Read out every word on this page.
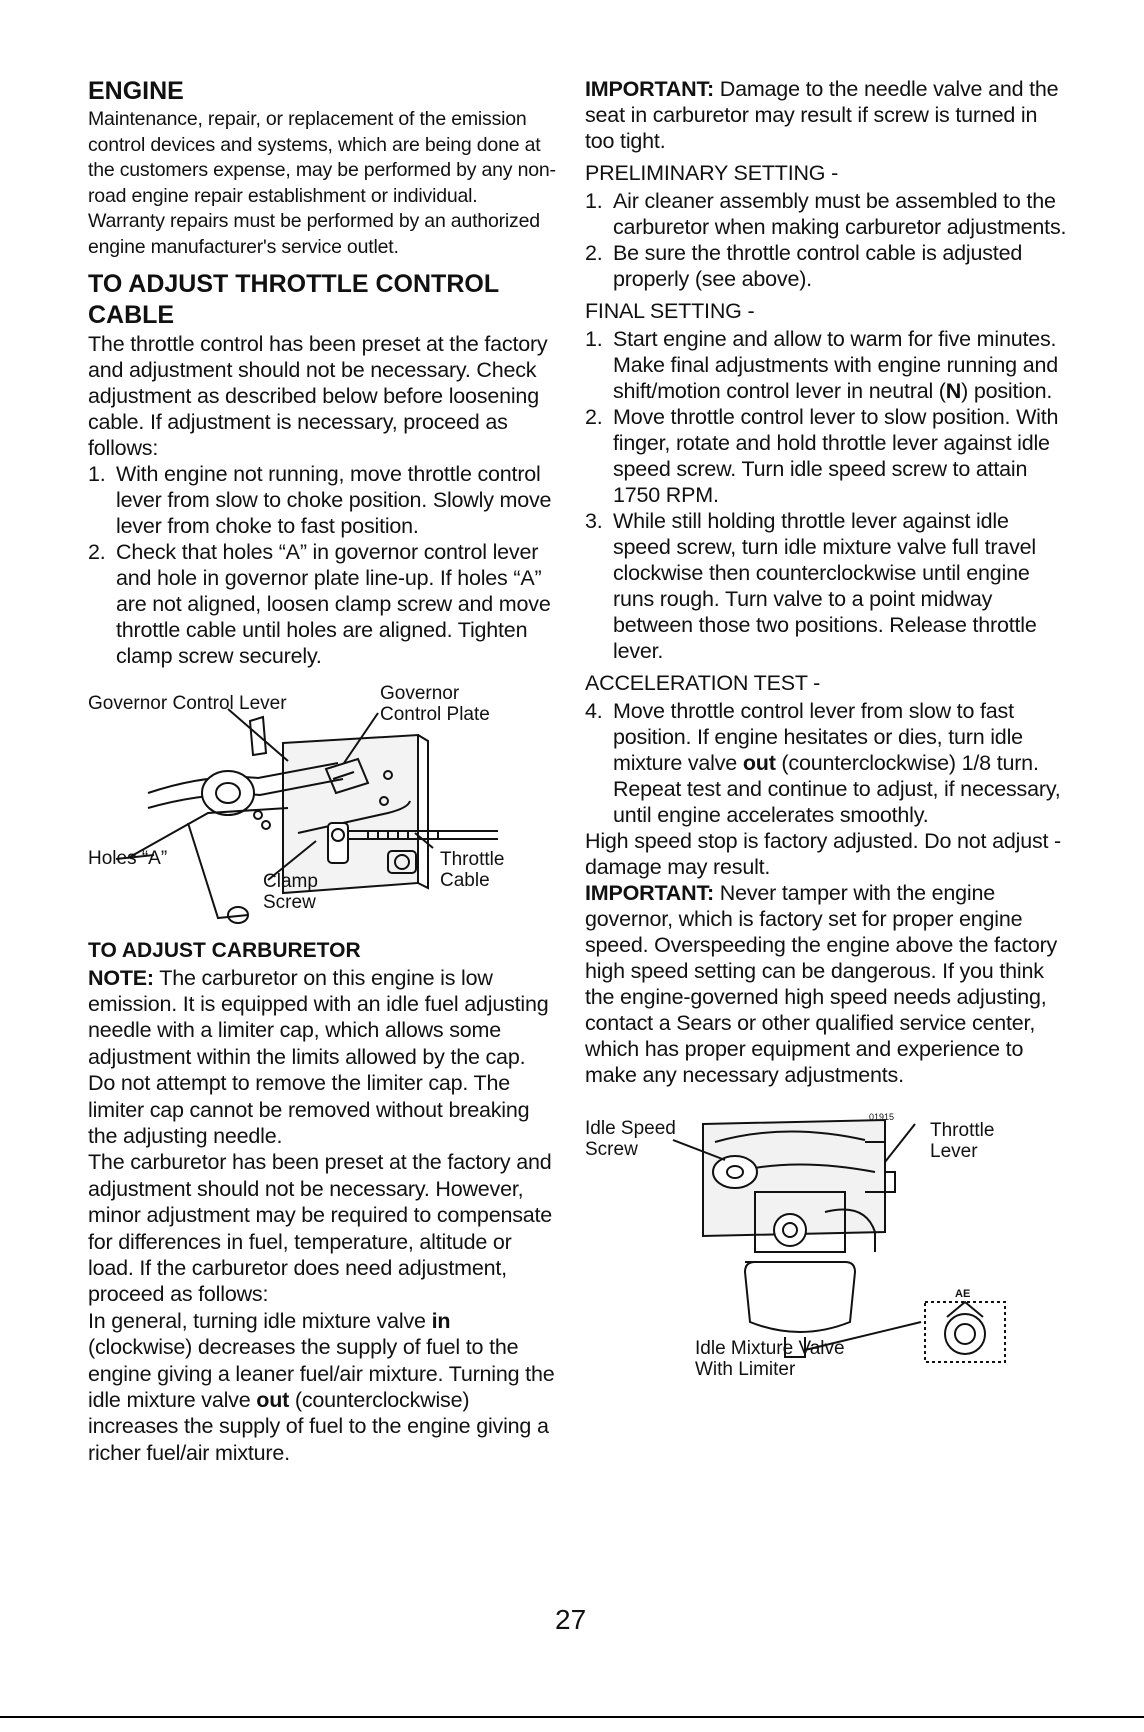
ENGINE

Maintenance, repair, or replacement of the emission control devices and systems, which are being done at the customers expense, may be performed by any non-road engine repair establishment or individual. Warranty repairs must be performed by an authorized engine manufacturer's service outlet.

TO ADJUST THROTTLE CONTROL CABLE

The throttle control has been preset at the factory and adjustment should not be necessary. Check adjustment as described below before loosening cable. If adjustment is necessary, proceed as follows:

1. With engine not running, move throttle control lever from slow to choke position. Slowly move lever from choke to fast position.
2. Check that holes “A” in governor control lever and hole in governor plate line-up. If holes “A” are not aligned, loosen clamp screw and move throttle cable until holes are aligned. Tighten clamp screw securely.
Governor Control Lever	Governor
Control Plate
Holes “A”
Clamp
Screw
Throttle
Cable
TO ADJUST CARBURETOR

NOTE: The carburetor on this engine is low emission. It is equipped with an idle fuel adjusting needle with a limiter cap, which allows some adjustment within the limits allowed by the cap. Do not attempt to remove the limiter cap. The limiter cap cannot be removed without breaking the adjusting needle.

The carburetor has been preset at the factory and adjustment should not be necessary. However, minor adjustment may be required to compensate for differences in fuel, temperature, altitude or load. If the carburetor does need adjustment, proceed as follows:

In general, turning idle mixture valve in (clockwise) decreases the supply of fuel to the engine giving a leaner fuel/air mixture. Turning the idle mixture valve out (counterclockwise) increases the supply of fuel to the engine giving a richer fuel/air mixture.

IMPORTANT: Damage to the needle valve and the seat in carburetor may result if screw is turned in too tight.

PRELIMINARY SETTING -

1. Air cleaner assembly must be assembled to the carburetor when making carburetor adjustments.
2. Be sure the throttle control cable is adjusted properly (see above).

FINAL SETTING -

1. Start engine and allow to warm for five minutes. Make final adjustments with engine running and shift/motion control lever in neutral (N) position.
2. Move throttle control lever to slow position. With finger, rotate and hold throttle lever against idle speed screw. Turn idle speed screw to attain 1750 RPM.
3. While still holding throttle lever against idle speed screw, turn idle mixture valve full travel clockwise then counterclockwise until engine runs rough. Turn valve to a point midway between those two positions. Release throttle lever.

ACCELERATION TEST -

4. Move throttle control lever from slow to fast position. If engine hesitates or dies, turn idle mixture valve out (counterclockwise) 1/8 turn. Repeat test and continue to adjust, if necessary, until engine accelerates smoothly.

High speed stop is factory adjusted. Do not adjust - damage may result.

IMPORTANT: Never tamper with the engine governor, which is factory set for proper engine speed. Overspeeding the engine above the factory high speed setting can be dangerous. If you think the engine-governed high speed needs adjusting, contact a Sears or other qualified service center, which has proper equipment and experience to make any necessary adjustments.

Idle Speed
Screw
Throttle
Lever
Idle Mixture Valve
With Limiter
01915
AE
27
